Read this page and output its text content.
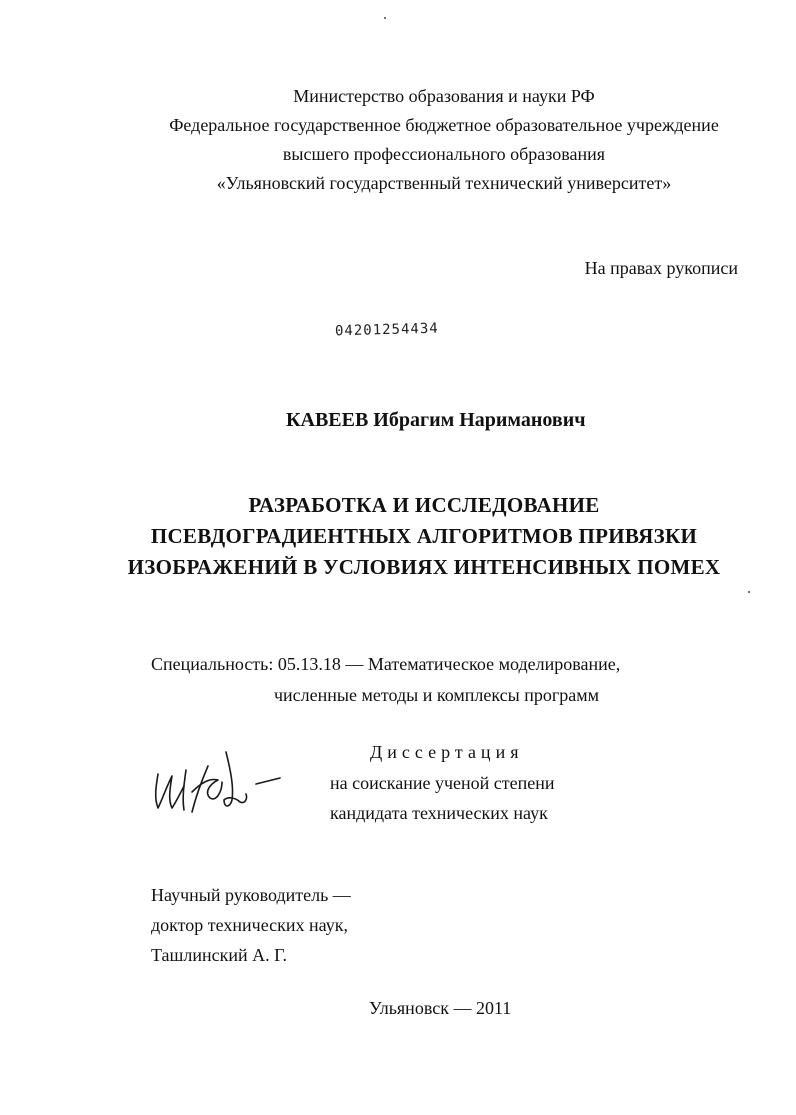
Министерство образования и науки РФ
Федеральное государственное бюджетное образовательное учреждение
высшего профессионального образования
«Ульяновский государственный технический университет»
На правах рукописи
04201254434
КАВЕЕВ Ибрагим Нариманович
РАЗРАБОТКА И ИССЛЕДОВАНИЕ
ПСЕВДОГРАДИЕНТНЫХ АЛГОРИТМОВ ПРИВЯЗКИ
ИЗОБРАЖЕНИЙ В УСЛОВИЯХ ИНТЕНСИВНЫХ ПОМЕХ
Специальность: 05.13.18 — Математическое моделирование,
численные методы и комплексы программ
Диссертация
на соискание ученой степени
кандидата технических наук
Научный руководитель —
доктор технических наук,
Ташлинский А. Г.
Ульяновск — 2011
